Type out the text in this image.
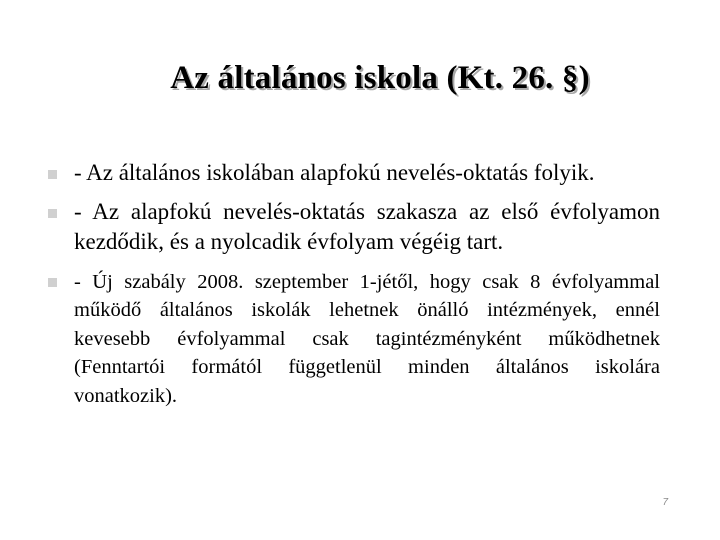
Az általános iskola (Kt. 26. §)
- Az általános iskolában alapfokú nevelés-oktatás folyik.
- Az alapfokú nevelés-oktatás szakasza az első évfolyamon kezdődik, és a nyolcadik évfolyam végéig tart.
- Új szabály 2008. szeptember 1-jétől, hogy csak 8 évfolyammal működő általános iskolák lehetnek önálló intézmények, ennél kevesebb évfolyammal csak tagintézményként működhetnek (Fenntartói formától függetlenül minden általános iskolára vonatkozik).
7
